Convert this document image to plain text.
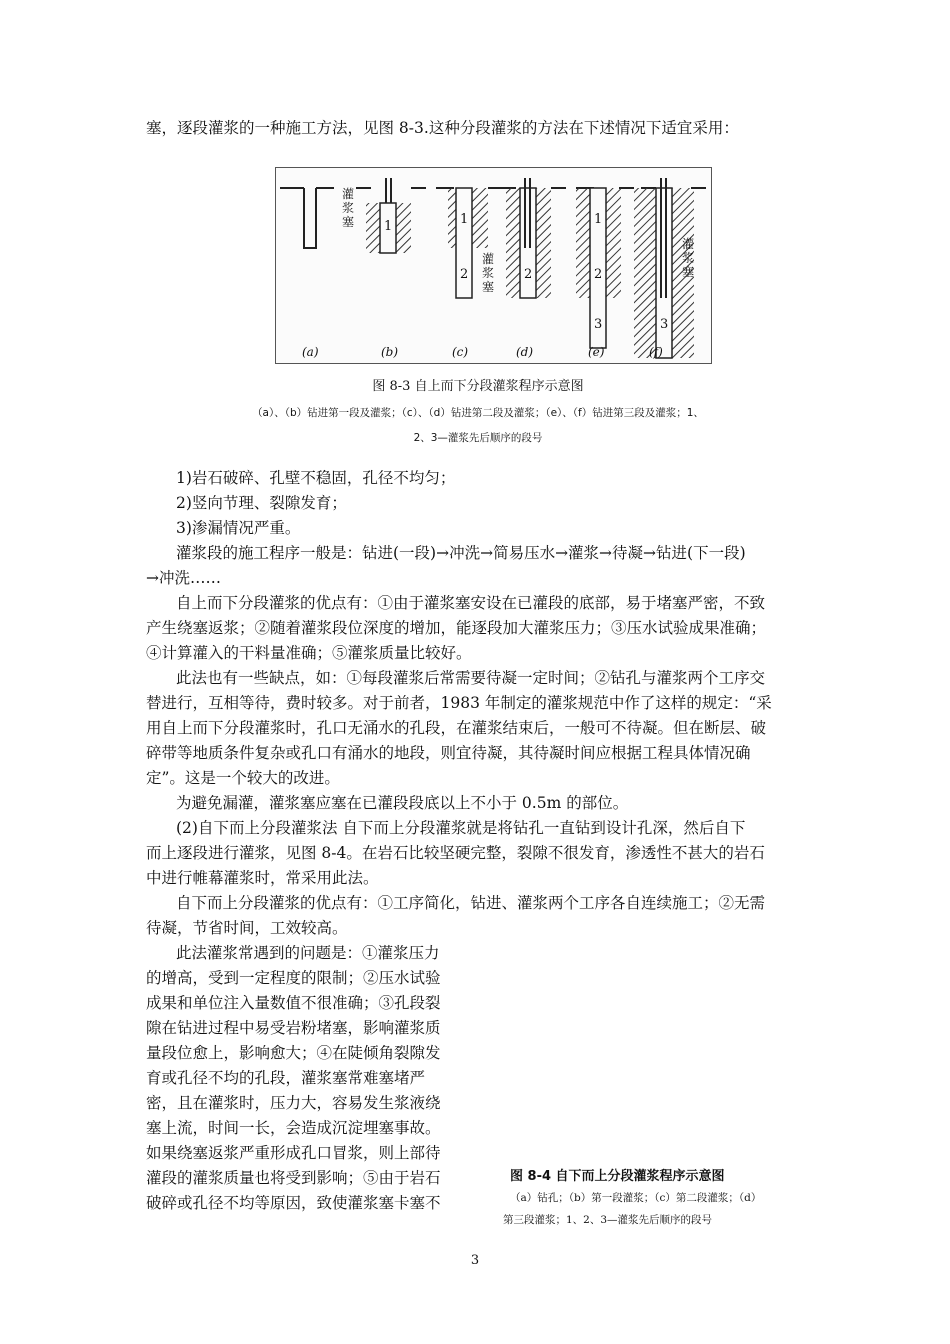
塞，逐段灌浆的一种施工方法，见图 8-3.这种分段灌浆的方法在下述情况下适宜采用：
1	1
2	2
1
2
3	3
灌
浆
塞
灌
浆
塞
灌
浆
塞
(a)	(b)	(c)	(d)	(e)	(f)
图 8-3 自上而下分段灌浆程序示意图
（a）、（b）钻进第一段及灌浆；（c）、（d）钻进第二段及灌浆；（e）、（f）钻进第三段及灌浆；1、
2、3—灌浆先后顺序的段号
1)岩石破碎、孔壁不稳固，孔径不均匀；
2)竖向节理、裂隙发育；
3)渗漏情况严重。
灌浆段的施工程序一般是：钻进(一段)→冲洗→简易压水→灌浆→待凝→钻进(下一段)
→冲洗……
自上而下分段灌浆的优点有：①由于灌浆塞安设在已灌段的底部，易于堵塞严密，不致
产生绕塞返浆；②随着灌浆段位深度的增加，能逐段加大灌浆压力；③压水试验成果准确；
④计算灌入的干料量准确；⑤灌浆质量比较好。
此法也有一些缺点，如：①每段灌浆后常需要待凝一定时间；②钻孔与灌浆两个工序交
替进行，互相等待，费时较多。对于前者，1983 年制定的灌浆规范中作了这样的规定：“采
用自上而下分段灌浆时，孔口无涌水的孔段，在灌浆结束后，一般可不待凝。但在断层、破
碎带等地质条件复杂或孔口有涌水的地段，则宜待凝，其待凝时间应根据工程具体情况确
定”。这是一个较大的改进。
为避免漏灌，灌浆塞应塞在已灌段段底以上不小于 0.5m 的部位。
(2)自下而上分段灌浆法 自下而上分段灌浆就是将钻孔一直钻到设计孔深，然后自下
而上逐段进行灌浆，见图 8-4。在岩石比较坚硬完整，裂隙不很发育，渗透性不甚大的岩石
中进行帷幕灌浆时，常采用此法。
自下而上分段灌浆的优点有：①工序简化，钻进、灌浆两个工序各自连续施工；②无需
待凝，节省时间，工效较高。
此法灌浆常遇到的问题是：①灌浆压力
的增高，受到一定程度的限制；②压水试验
成果和单位注入量数值不很准确；③孔段裂
隙在钻进过程中易受岩粉堵塞，影响灌浆质
量段位愈上，影响愈大；④在陡倾角裂隙发
育或孔径不均的孔段，灌浆塞常难塞堵严
密，且在灌浆时，压力大，容易发生浆液绕
塞上流，时间一长，会造成沉淀埋塞事故。
如果绕塞返浆严重形成孔口冒浆，则上部待
灌段的灌浆质量也将受到影响；⑤由于岩石
破碎或孔径不均等原因，致使灌浆塞卡塞不
图 8-4 自下而上分段灌浆程序示意图
（a）钻孔；（b）第一段灌浆；（c）第二段灌浆；（d）
第三段灌浆；1、2、3—灌浆先后顺序的段号
3
